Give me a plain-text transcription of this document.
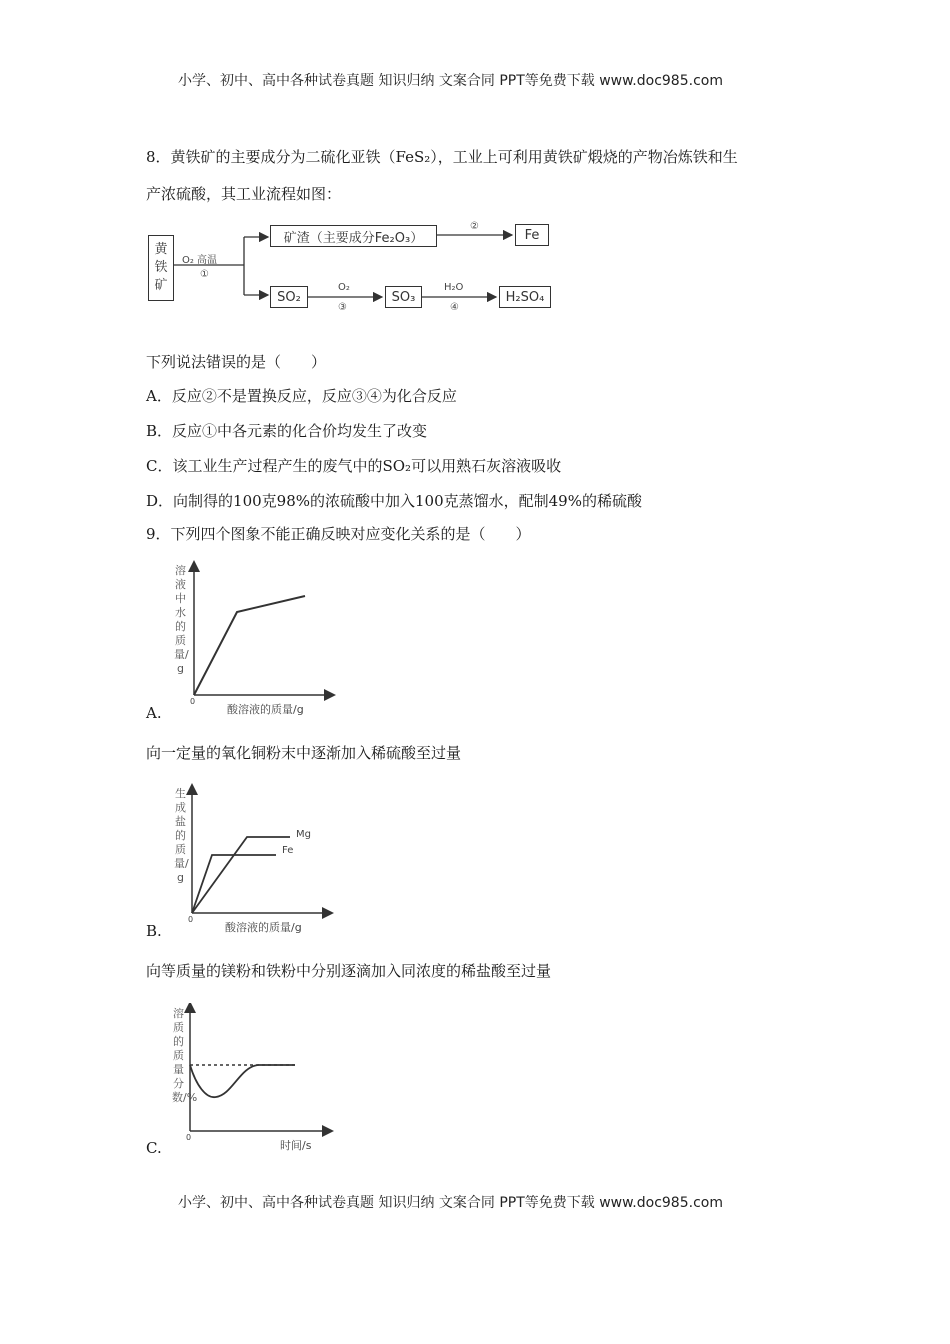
小学、初中、高中各种试卷真题 知识归纳 文案合同 PPT等免费下载 www.doc985.com
8．黄铁矿的主要成分为二硫化亚铁（FeS₂），工业上可利用黄铁矿煅烧的产物冶炼铁和生
产浓硫酸，其工业流程如图：
黄铁矿
O₂ 高温
①
矿渣（主要成分Fe₂O₃）
②
Fe
SO₂
O₂
③
SO₃
H₂O
④
H₂SO₄
下列说法错误的是（　　）
A．反应②不是置换反应，反应③④为化合反应
B．反应①中各元素的化合价均发生了改变
C．该工业生产过程产生的废气中的SO₂可以用熟石灰溶液吸收
D．向制得的100克98%的浓硫酸中加入100克蒸馏水，配制49%的稀硫酸
9．下列四个图象不能正确反映对应变化关系的是（　　）
溶液中水的质量/g
0
酸溶液的质量/g
A.
向一定量的氧化铜粉末中逐渐加入稀硫酸至过量
生成盐的质量/g
Fe
Mg
0
酸溶液的质量/g
B.
向等质量的镁粉和铁粉中分别逐滴加入同浓度的稀盐酸至过量
溶质的质量分数/%
0
时间/s
C.
小学、初中、高中各种试卷真题 知识归纳 文案合同 PPT等免费下载 www.doc985.com
